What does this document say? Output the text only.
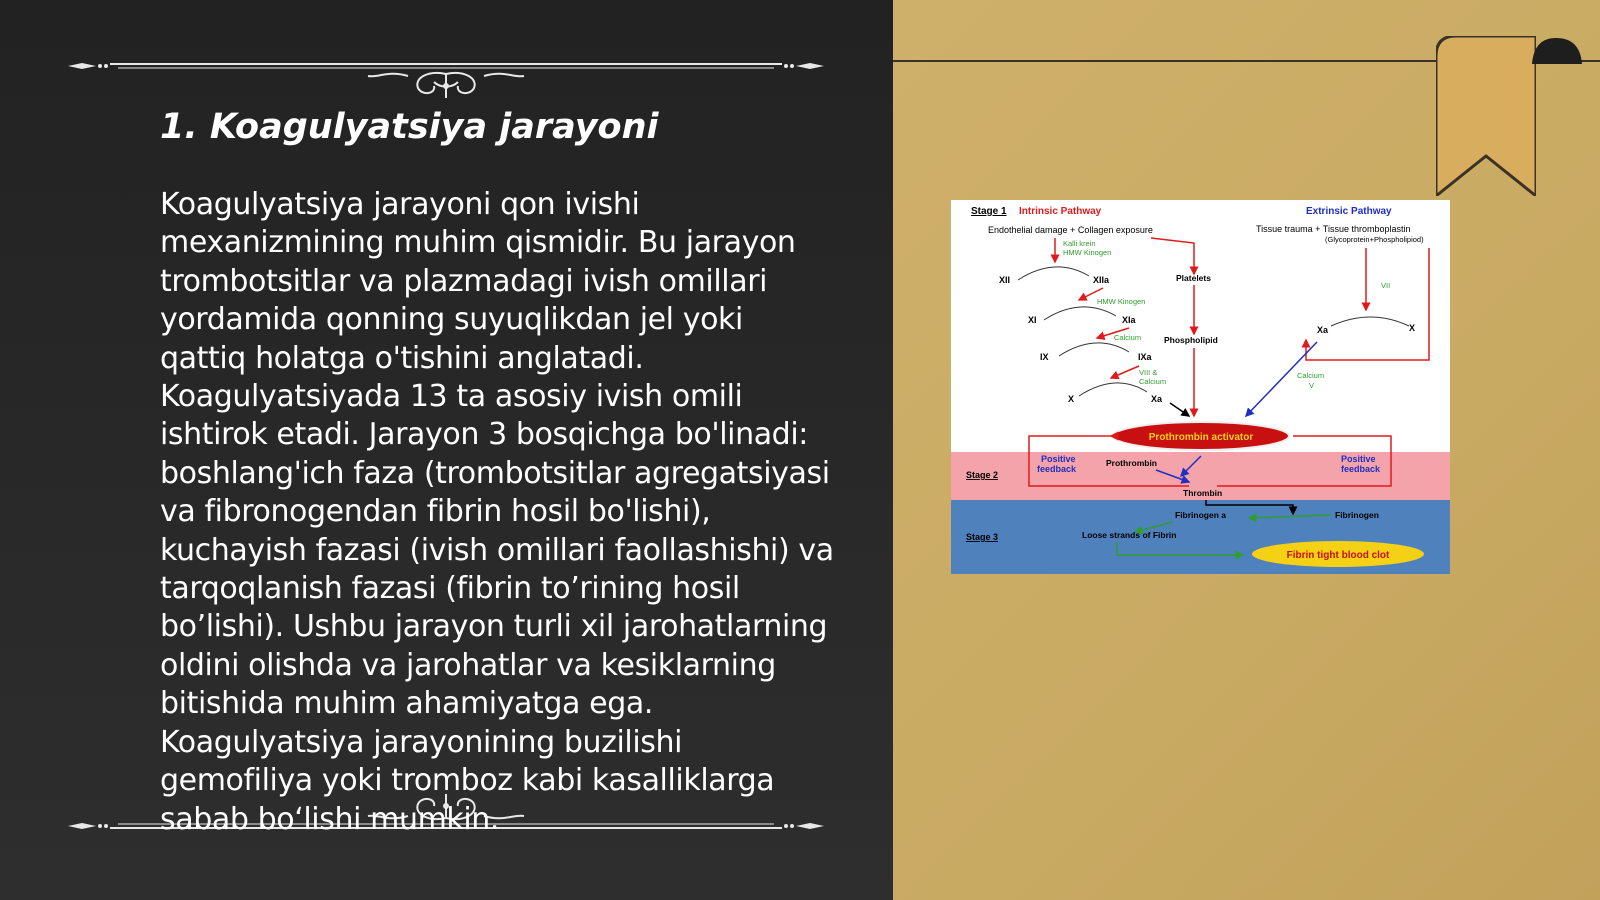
1. Koagulyatsiya jarayoni

Koagulyatsiya jarayoni qon ivishi mexanizmining muhim qismidir. Bu jarayon trombotsitlar va plazmadagi ivish omillari yordamida qonning suyuqlikdan jel yoki qattiq holatga o'tishini anglatadi. Koagulyatsiyada 13 ta asosiy ivish omili ishtirok etadi. Jarayon 3 bosqichga bo'linadi: boshlang'ich faza (trombotsitlar agregatsiyasi va fibronogendan fibrin hosil bo'lishi), kuchayish fazasi (ivish omillari faollashishi) va tarqoqlanish fazasi (fibrin to’rining hosil bo’lishi). Ushbu jarayon turli xil jarohatlarning oldini olishda va jarohatlar va kesiklarning bitishida muhim ahamiyatga ega. Koagulyatsiya jarayonining buzilishi gemofiliya yoki tromboz kabi kasalliklarga sabab bo‘lishi mumkin.

Stage 1 Intrinsic Pathway	Extrinsic Pathway
Endothelial damage + Collagen exposure	Tissue trauma + Tissue thromboplastin
(Glycoprotein+Phospholipiod)
Kalli krein
HMW Kinogen
XII	XIIa	Platelets
HMW Kinogen
XI	XIa
Calcium	Phospholipid
IX	IXa
VIII &
Calcium
X	Xa
VII
Xa	X
Calcium
V
Prothrombin activator
Stage 2
Positive
feedback
Prothrombin	Positive
feedback
Thrombin
Stage 3
Fibrinogen a	Fibrinogen
Loose strands of Fibrin
Fibrin tight blood clot
